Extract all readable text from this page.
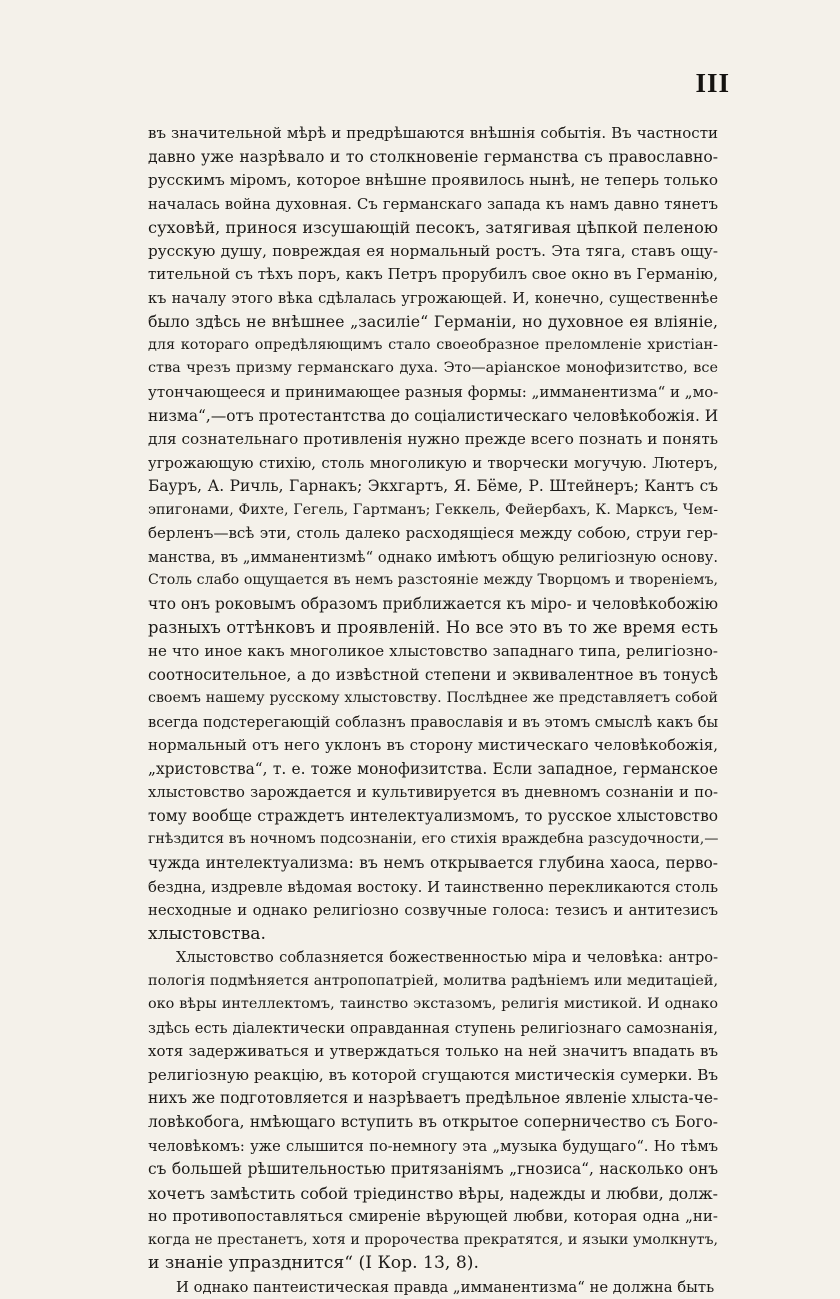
III
въ значительной мѣрѣ и предрѣшаются внѣшнія событія. Въ частности
давно уже назрѣвало и то столкновеніе германства съ православно-
русскимъ міромъ, которое внѣшне проявилось нынѣ, не теперь только
началась война духовная. Съ германскаго запада къ намъ давно тянетъ
суховѣй, принося изсушающій песокъ, затягивая цѣпкой пеленою
русскую душу, повреждая ея нормальный ростъ. Эта тяга, ставъ ощу-
тительной съ тѣхъ поръ, какъ Петръ прорубилъ свое окно въ Германію,
къ началу этого вѣка сдѣлалась угрожающей. И, конечно, существеннѣе
было здѣсь не внѣшнее „засиліе“ Германіи, но духовное ея вліяніе,
для котораго опредѣляющимъ стало своеобразное преломленіе христіан-
ства чрезъ призму германскаго духа. Это—аріанское монофизитство, все
утончающееся и принимающее разныя формы: „имманентизма“ и „мо-
низма“,—отъ протестантства до соціалистическаго человѣкобожія. И
для сознательнаго противленія нужно прежде всего познать и понять
угрожающую стихію, столь многоликую и творчески могучую. Лютеръ,
Бауръ, А. Ричль, Гарнакъ; Экхгартъ, Я. Бёме, Р. Штейнеръ; Кантъ съ
эпигонами, Фихте, Гегель, Гартманъ; Геккель, Фейербахъ, К. Марксъ, Чем-
берленъ—всѣ эти, столь далеко расходящіеся между собою, струи гер-
манства, въ „имманентизмѣ“ однако имѣютъ общую религіозную основу.
Столь слабо ощущается въ немъ разстояніе между Творцомъ и твореніемъ,
что онъ роковымъ образомъ приближается къ міро- и человѣкобожію
разныхъ оттѣнковъ и проявленій. Но все это въ то же время есть
не что иное какъ многоликое хлыстовство западнаго типа, религіозно-
соотносительное, а до извѣстной степени и эквивалентное въ тонусѣ
своемъ нашему русскому хлыстовству. Послѣднее же представляетъ собой
всегда подстерегающій соблазнъ православія и въ этомъ смыслѣ какъ бы
нормальный отъ него уклонъ въ сторону мистическаго человѣкобожія,
„христовства“, т. е. тоже монофизитства. Если западное, германское
хлыстовство зарождается и культивируется въ дневномъ сознаніи и по-
тому вообще страждетъ интелектуализмомъ, то русское хлыстовство
гнѣздится въ ночномъ подсознаніи, его стихія враждебна разсудочности,—
чужда интелектуализма: въ немъ открывается глубина хаоса, перво-
бездна, издревле вѣдомая востоку. И таинственно перекликаются столь
несходные и однако религіозно созвучные голоса: тезисъ и антитезисъ
хлыстовства.
Хлыстовство соблазняется божественностью міра и человѣка: антро-
пологія подмѣняется антропопатріей, молитва радѣніемъ или медитаціей,
око вѣры интеллектомъ, таинство экстазомъ, религія мистикой. И однако
здѣсь есть діалектически оправданная ступень религіознаго самознанія,
хотя задерживаться и утверждаться только на ней значитъ впадать въ
религіозную реакцію, въ которой сгущаются мистическія сумерки. Въ
нихъ же подготовляется и назрѣваетъ предѣльное явленіе хлыста-че-
ловѣкобога, нмѣющаго вступить въ открытое соперничество съ Бого-
человѣкомъ: уже слышится по-немногу эта „музыка будущаго“. Но тѣмъ
съ большей рѣшительностью притязаніямъ „гнозиса“, насколько онъ
хочетъ замѣстить собой тріединство вѣры, надежды и любви, долж-
но противопоставляться смиреніе вѣрующей любви, которая одна „ни-
когда не престанетъ, хотя и пророчества прекратятся, и языки умолкнутъ,
и знаніе упразднится“ (I Кор. 13, 8).
И однако пантеистическая правда „имманентизма“ не должна быть
